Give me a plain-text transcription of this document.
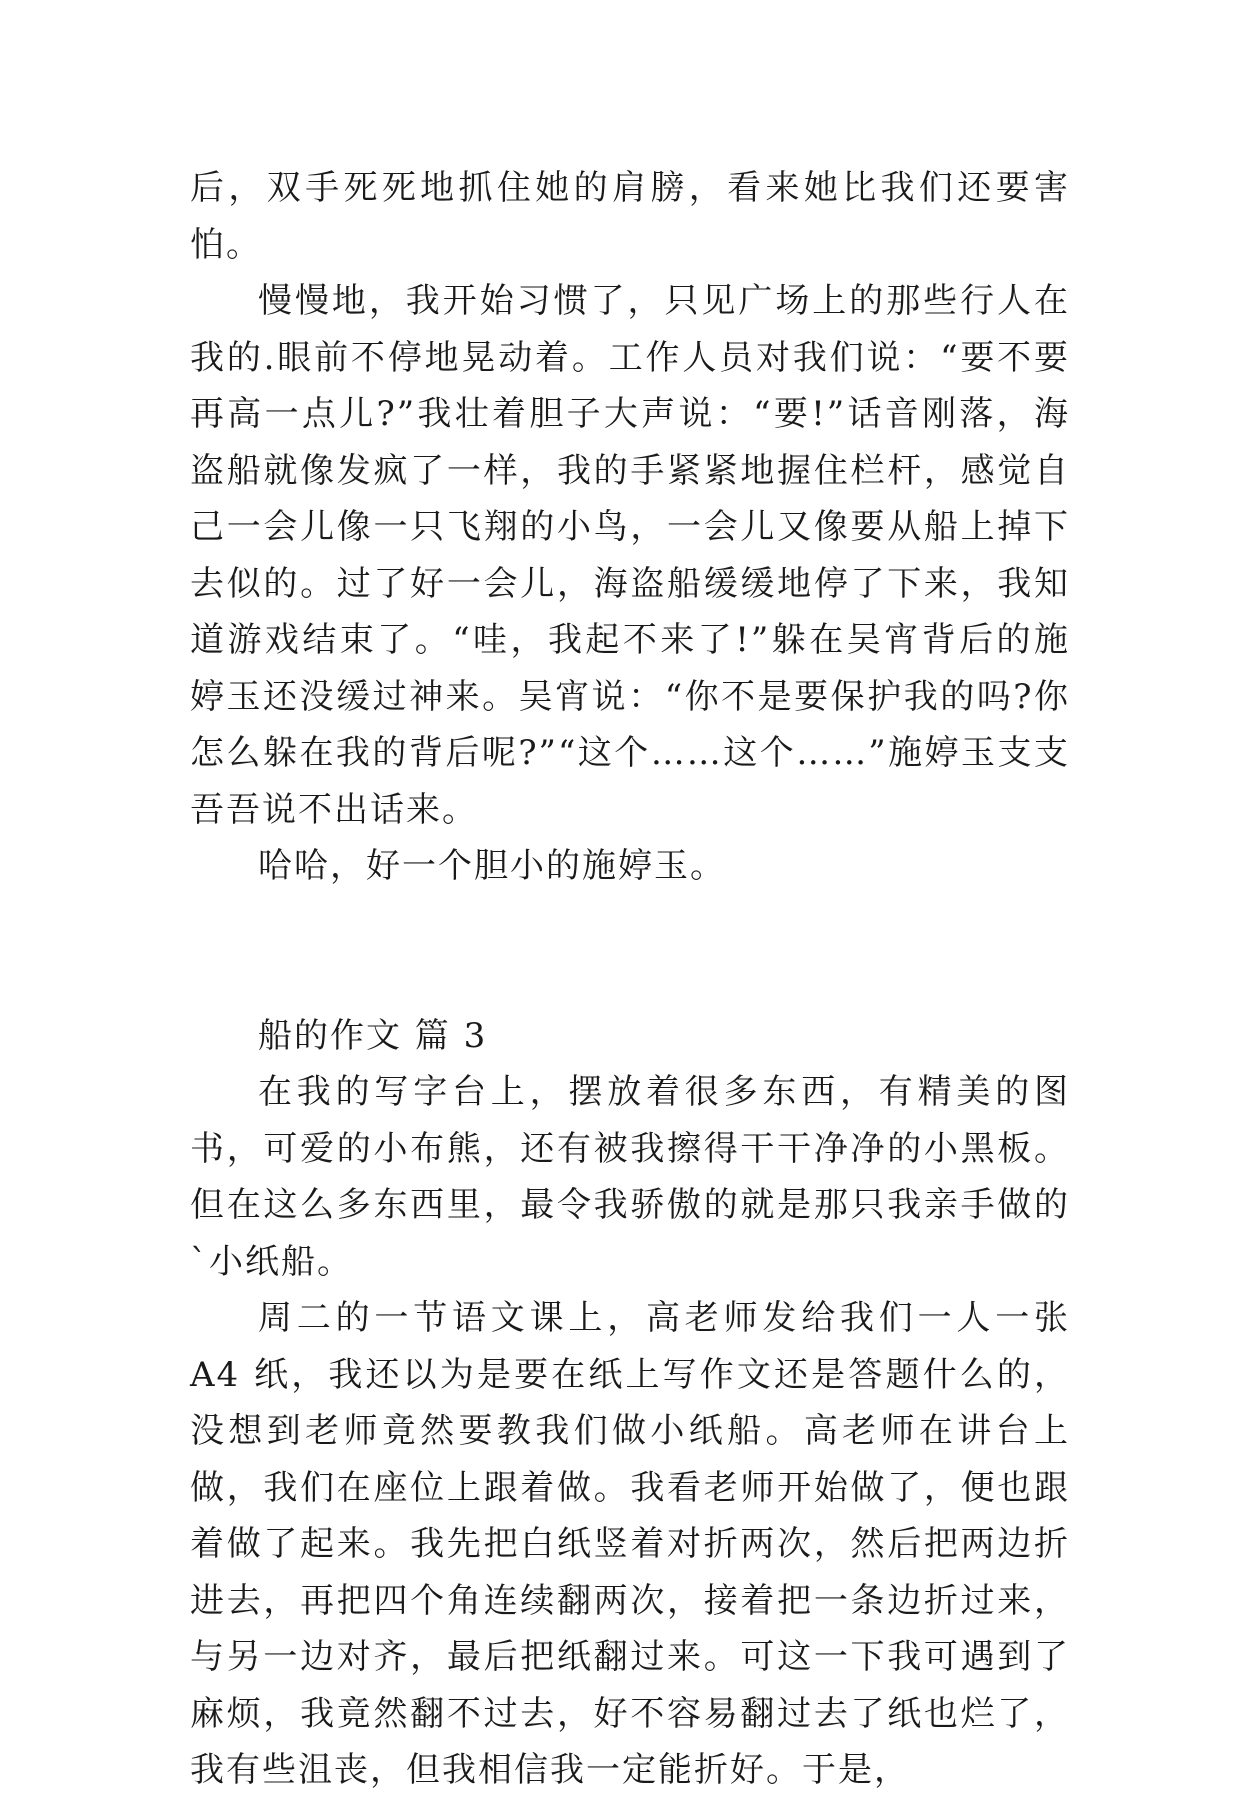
后，双手死死地抓住她的肩膀，看来她比我们还要害怕。

慢慢地，我开始习惯了，只见广场上的那些行人在我的.眼前不停地晃动着。工作人员对我们说：“要不要再高一点儿?”我壮着胆子大声说：“要!”话音刚落，海盗船就像发疯了一样，我的手紧紧地握住栏杆，感觉自己一会儿像一只飞翔的小鸟，一会儿又像要从船上掉下去似的。过了好一会儿，海盗船缓缓地停了下来，我知道游戏结束了。“哇，我起不来了!”躲在吴宵背后的施婷玉还没缓过神来。吴宵说：“你不是要保护我的吗?你怎么躲在我的背后呢?”“这个……这个……”施婷玉支支吾吾说不出话来。

哈哈，好一个胆小的施婷玉。

船的作文 篇 3

在我的写字台上，摆放着很多东西，有精美的图书，可爱的小布熊，还有被我擦得干干净净的小黑板。但在这么多东西里，最令我骄傲的就是那只我亲手做的`小纸船。

周二的一节语文课上，高老师发给我们一人一张 A4 纸，我还以为是要在纸上写作文还是答题什么的，没想到老师竟然要教我们做小纸船。高老师在讲台上做，我们在座位上跟着做。我看老师开始做了，便也跟着做了起来。我先把白纸竖着对折两次，然后把两边折进去，再把四个角连续翻两次，接着把一条边折过来，与另一边对齐，最后把纸翻过来。可这一下我可遇到了麻烦，我竟然翻不过去，好不容易翻过去了纸也烂了，我有些沮丧，但我相信我一定能折好。于是，
